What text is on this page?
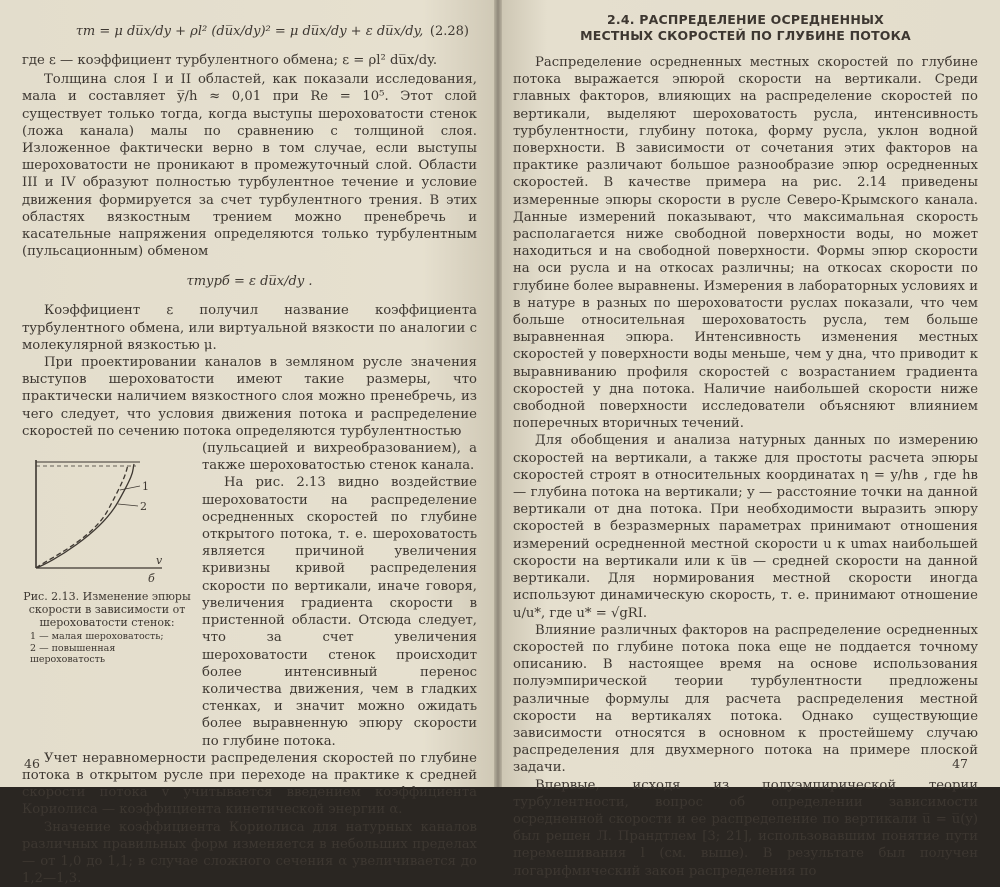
τт = μ du̅x/dy + ρl² (du̅x/dy)² = μ du̅x/dy + ε du̅x/dy, (2.28)

где ε — коэффициент турбулентного обмена; ε = ρl² du̅x/dy.

Толщина слоя I и II областей, как показали исследования, мала и составляет y̅/h ≈ 0,01 при Re = 10⁵. Этот слой существует только тогда, когда выступы шероховатости стенок (ложа канала) малы по сравнению с толщиной слоя. Изложенное фактически верно в том случае, если выступы шероховатости не проникают в промежуточный слой. Области III и IV образуют полностью турбулентное течение и условие движения формируется за счет турбулентного трения. В этих областях вязкостным трением можно пренебречь и касательные напряжения определяются только турбулентным (пульсационным) обменом

τтурб = ε du̅x/dy .

Коэффициент ε получил название коэффициента турбулентного обмена, или виртуальной вязкости по аналогии с молекулярной вязкостью μ.

При проектировании каналов в земляном русле значения выступов шероховатости имеют такие размеры, что практически наличием вязкостного слоя можно пренебречь, из чего следует, что условия движения потока и распределение скоростей по сечению потока определяются турбулентностью

1
2
v
б
Рис. 2.13. Изменение эпюры скорости в зависимости от шероховатости стенок:
1 — малая шероховатость;
2 — повышенная шероховатость

(пульсацией и вихреобразованием), а также шероховатостью стенок канала.

На рис. 2.13 видно воздействие шероховатости на распределение осредненных скоростей по глубине открытого потока, т. е. шероховатость является причиной увеличения кривизны кривой распределения скорости по вертикали, иначе говоря, увеличения градиента скорости в пристенной области. Отсюда следует, что за счет увеличения шероховатости стенок происходит более интенсивный перенос количества движения, чем в гладких стенках, и значит можно ожидать более выравненную эпюру скорости по глубине потока.

Учет неравномерности распределения скоростей по глубине потока в открытом русле при переходе на практике к средней скорости потока v учитывается введением коэффициента Кориолиса — коэффициента кинетической энергии α.

Значение коэффициента Кориолиса для натурных каналов различных правильных форм изменяется в небольших пределах — от 1,0 до 1,1; в случае сложного сечения α увеличивается до 1,2—1,3.

46
2.4. РАСПРЕДЕЛЕНИЕ ОСРЕДНЕННЫХ
МЕСТНЫХ СКОРОСТЕЙ ПО ГЛУБИНЕ ПОТОКА

Распределение осредненных местных скоростей по глубине потока выражается эпюрой скорости на вертикали. Среди главных факторов, влияющих на распределение скоростей по вертикали, выделяют шероховатость русла, интенсивность турбулентности, глубину потока, форму русла, уклон водной поверхности. В зависимости от сочетания этих факторов на практике различают большое разнообразие эпюр осредненных скоростей. В качестве примера на рис. 2.14 приведены измеренные эпюры скорости в русле Северо-Крымского канала. Данные измерений показывают, что максимальная скорость располагается ниже свободной поверхности воды, но может находиться и на свободной поверхности. Формы эпюр скорости на оси русла и на откосах различны; на откосах скорости по глубине более выравнены. Измерения в лабораторных условиях и в натуре в разных по шероховатости руслах показали, что чем больше относительная шероховатость русла, тем больше выравненная эпюра. Интенсивность изменения местных скоростей у поверхности воды меньше, чем у дна, что приводит к выравниванию профиля скоростей с возрастанием градиента скоростей у дна потока. Наличие наибольшей скорости ниже свободной поверхности исследователи объясняют влиянием поперечных вторичных течений.

Для обобщения и анализа натурных данных по измерению скоростей на вертикали, а также для простоты расчета эпюры скоростей строят в относительных координатах η = y/hв , где hв — глубина потока на вертикали; y — расстояние точки на данной вертикали от дна потока. При необходимости выразить эпюру скоростей в безразмерных параметрах принимают отношения измерений осредненной местной скорости u к umax наибольшей скорости на вертикали или к u̅в — средней скорости на данной вертикали. Для нормирования местной скорости иногда используют динамическую скорость, т. е. принимают отношение u/u*, где u* = √gRI.

Влияние различных факторов на распределение осредненных скоростей по глубине потока пока еще не поддается точному описанию. В настоящее время на основе использования полуэмпирической теории турбулентности предложены различные формулы для расчета распределения местной скорости на вертикалях потока. Однако существующие зависимости относятся в основном к простейшему случаю распределения для двухмерного потока на примере плоской задачи.

Впервые, исходя из полуэмпирической теории турбулентности, вопрос об определении зависимости осредненной скорости и ее распределение по вертикали u̅ = u̅(y) был решен Л. Прандтлем [3; 21], использовавшим понятие пути перемешивания l (см. выше). В результате был получен логарифмический закон распределения по

47
